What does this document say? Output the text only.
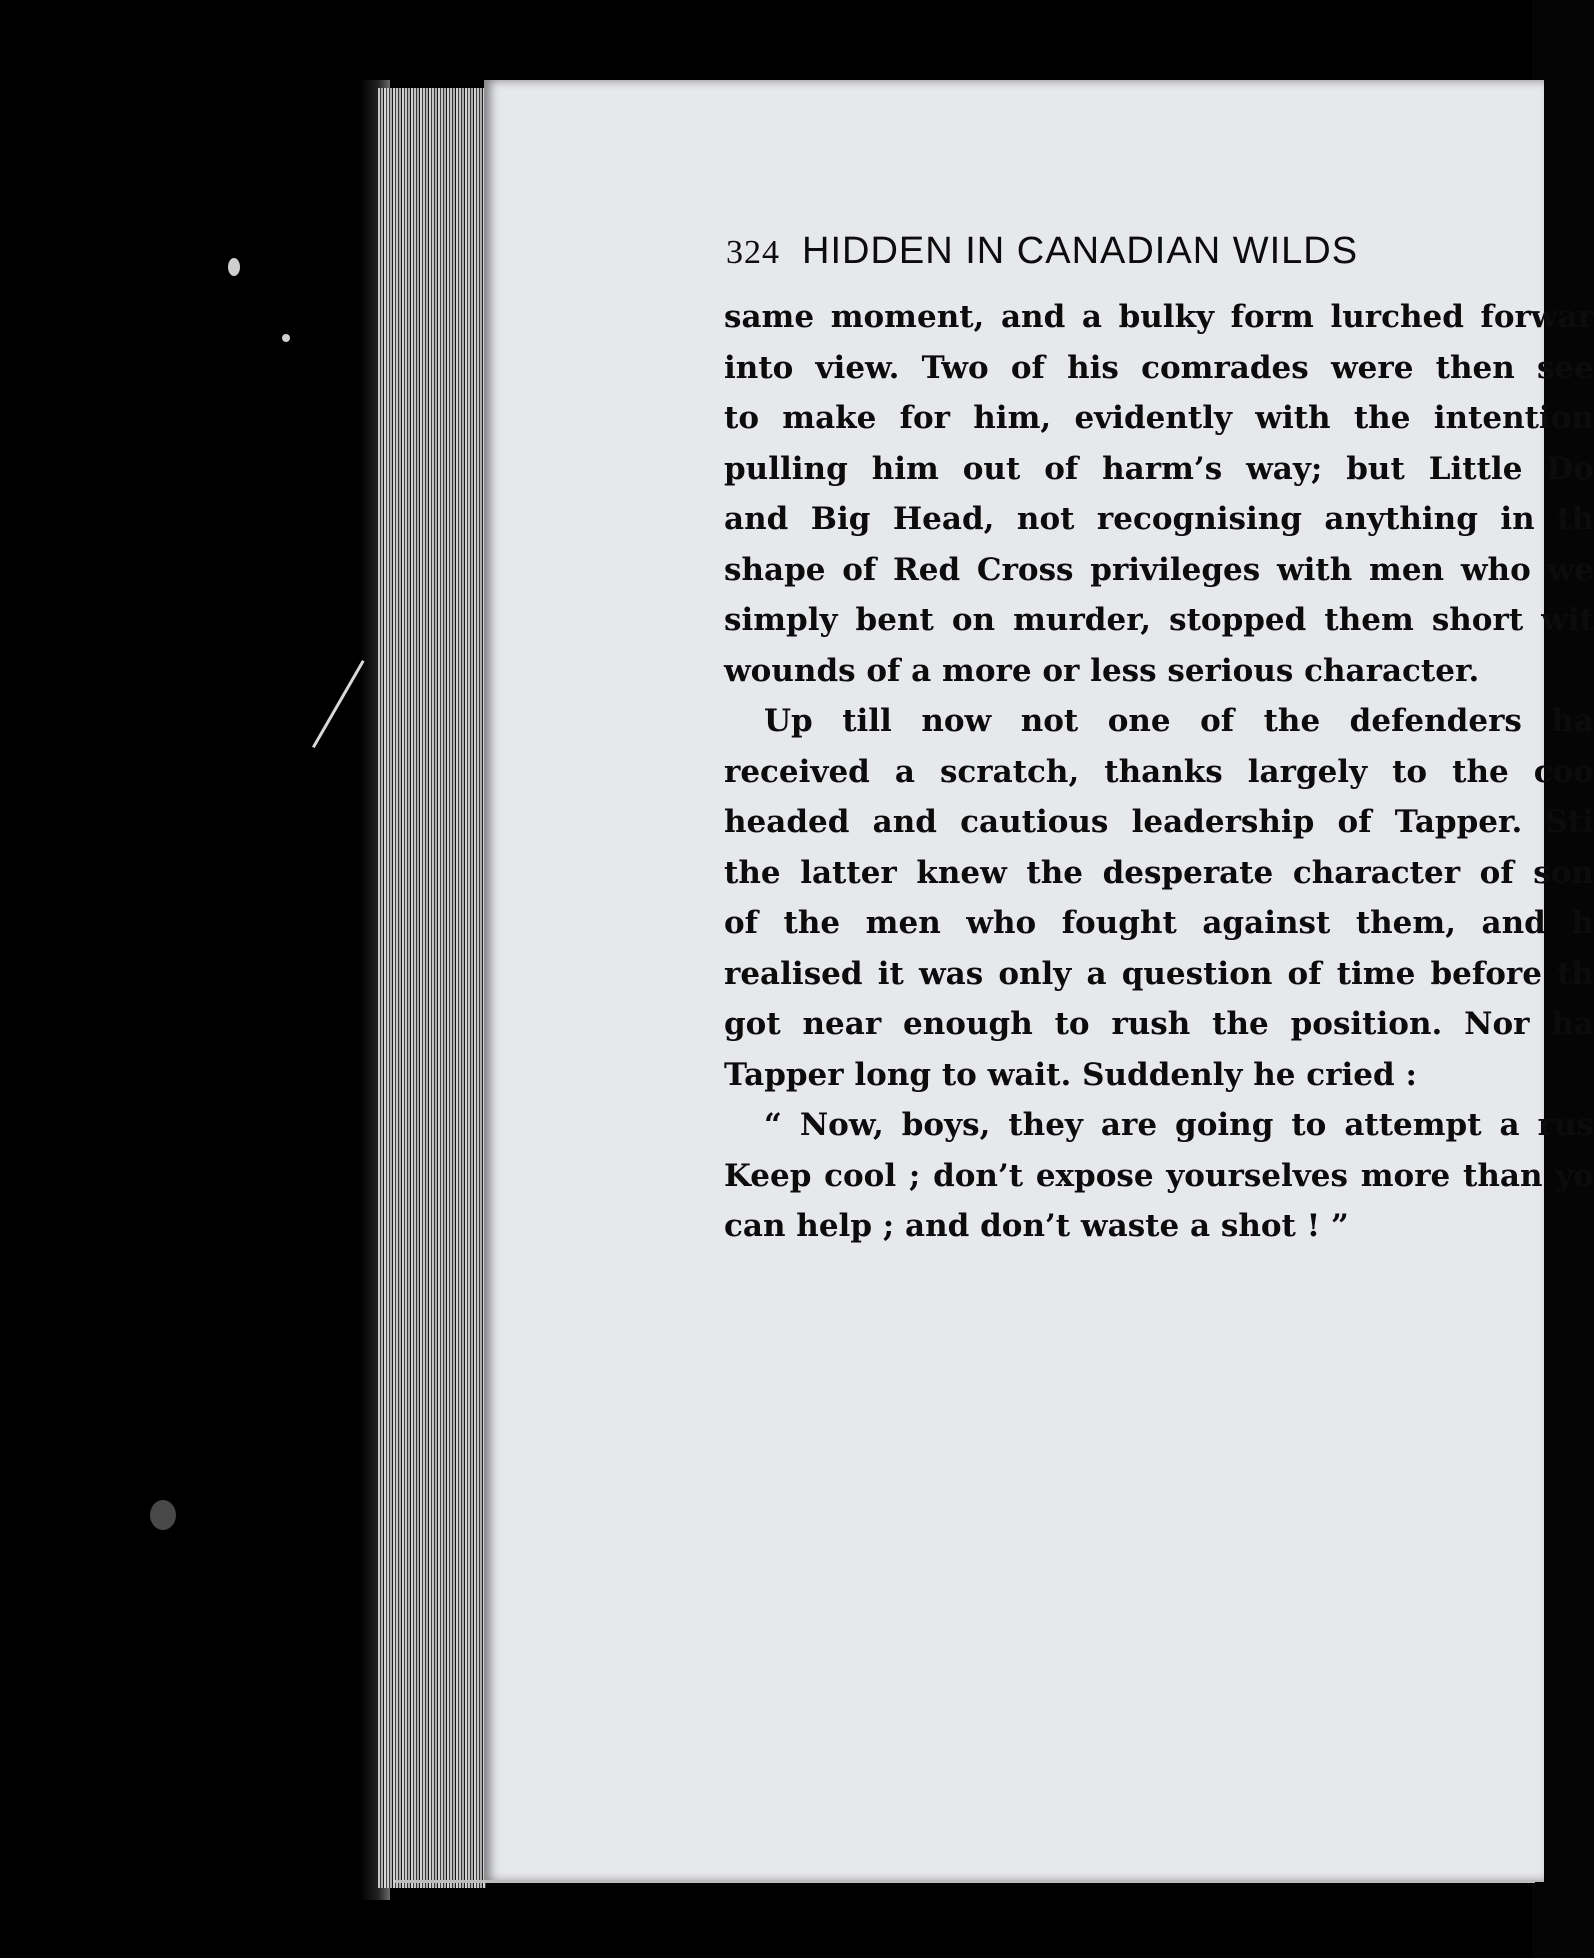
324 HIDDEN IN CANADIAN WILDS
same moment, and a bulky form lurched forwar
into view. Two of his comrades were then see
to make for him, evidently with the intention
pulling him out of harm’s way; but Little Do
and Big Head, not recognising anything in th
shape of Red Cross privileges with men who we
simply bent on murder, stopped them short wit
wounds of a more or less serious character.
Up till now not one of the defenders ha
received a scratch, thanks largely to the coo
headed and cautious leadership of Tapper. Sti
the latter knew the desperate character of son
of the men who fought against them, and h
realised it was only a question of time before th
got near enough to rush the position. Nor ha
Tapper long to wait. Suddenly he cried :
“ Now, boys, they are going to attempt a rus
Keep cool ; don’t expose yourselves more than yo
can help ; and don’t waste a shot ! ”
